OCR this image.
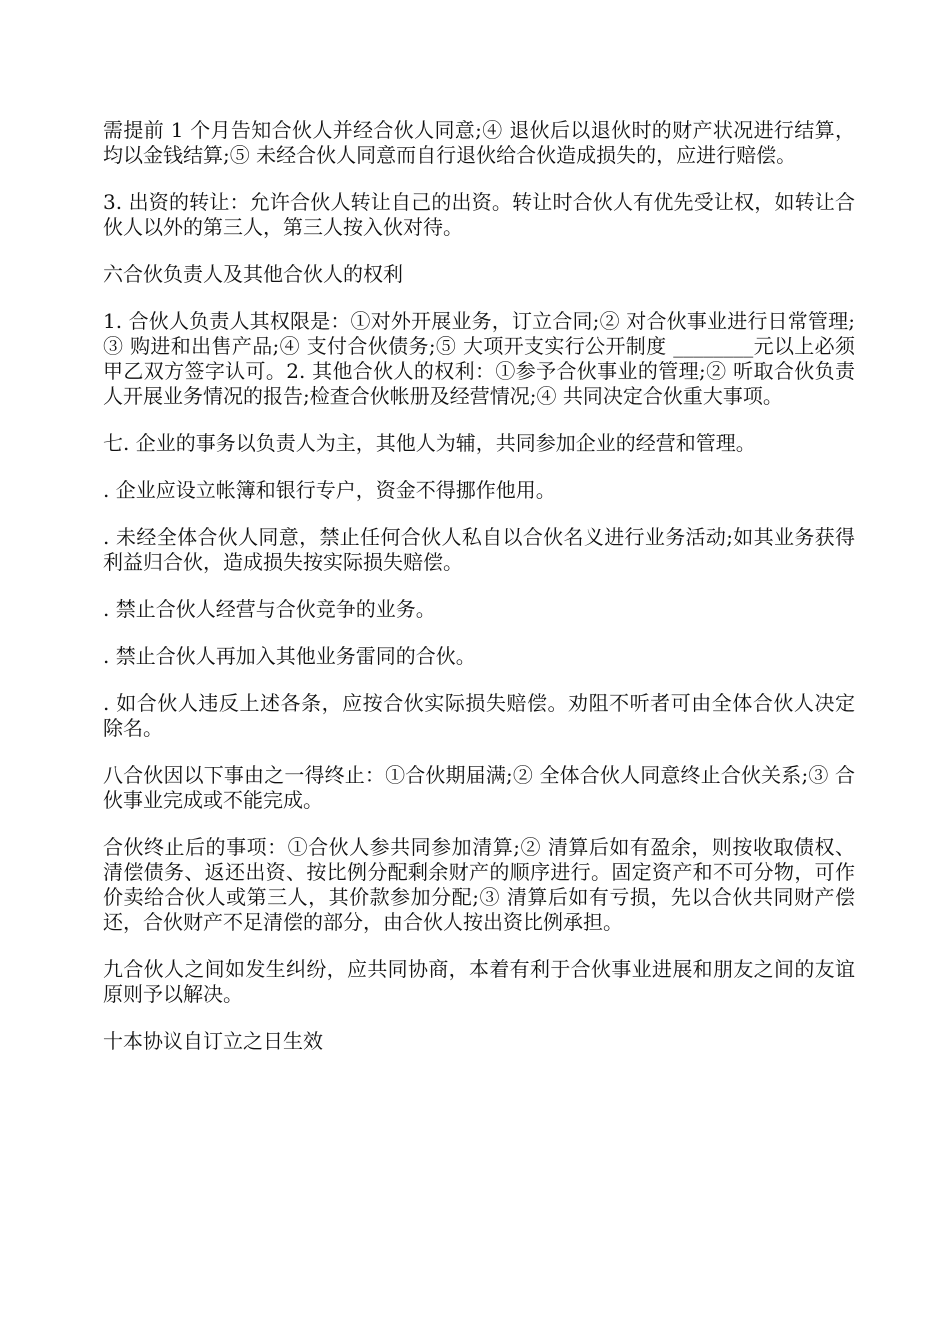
需提前 1 个月告知合伙人并经合伙人同意;④ 退伙后以退伙时的财产状况进行结算，均以金钱结算;⑤ 未经合伙人同意而自行退伙给合伙造成损失的，应进行赔偿。

3. 出资的转让：允许合伙人转让自己的出资。转让时合伙人有优先受让权，如转让合伙人以外的第三人，第三人按入伙对待。

六合伙负责人及其他合伙人的权利

1. 合伙人负责人其权限是：①对外开展业务，订立合同;② 对合伙事业进行日常管理;③ 购进和出售产品;④ 支付合伙债务;⑤ 大项开支实行公开制度 ________元以上必须甲乙双方签字认可。2. 其他合伙人的权利：①参予合伙事业的管理;② 听取合伙负责人开展业务情况的报告;检查合伙帐册及经营情况;④ 共同决定合伙重大事项。

七. 企业的事务以负责人为主，其他人为辅，共同参加企业的经营和管理。

. 企业应设立帐簿和银行专户，资金不得挪作他用。

. 未经全体合伙人同意，禁止任何合伙人私自以合伙名义进行业务活动;如其业务获得利益归合伙，造成损失按实际损失赔偿。

. 禁止合伙人经营与合伙竞争的业务。

. 禁止合伙人再加入其他业务雷同的合伙。

. 如合伙人违反上述各条，应按合伙实际损失赔偿。劝阻不听者可由全体合伙人决定除名。

八合伙因以下事由之一得终止：①合伙期届满;② 全体合伙人同意终止合伙关系;③ 合伙事业完成或不能完成。

合伙终止后的事项：①合伙人参共同参加清算;② 清算后如有盈余，则按收取债权、清偿债务、返还出资、按比例分配剩余财产的顺序进行。固定资产和不可分物，可作价卖给合伙人或第三人，其价款参加分配;③ 清算后如有亏损，先以合伙共同财产偿还，合伙财产不足清偿的部分，由合伙人按出资比例承担。

九合伙人之间如发生纠纷，应共同协商，本着有利于合伙事业进展和朋友之间的友谊原则予以解决。

十本协议自订立之日生效
